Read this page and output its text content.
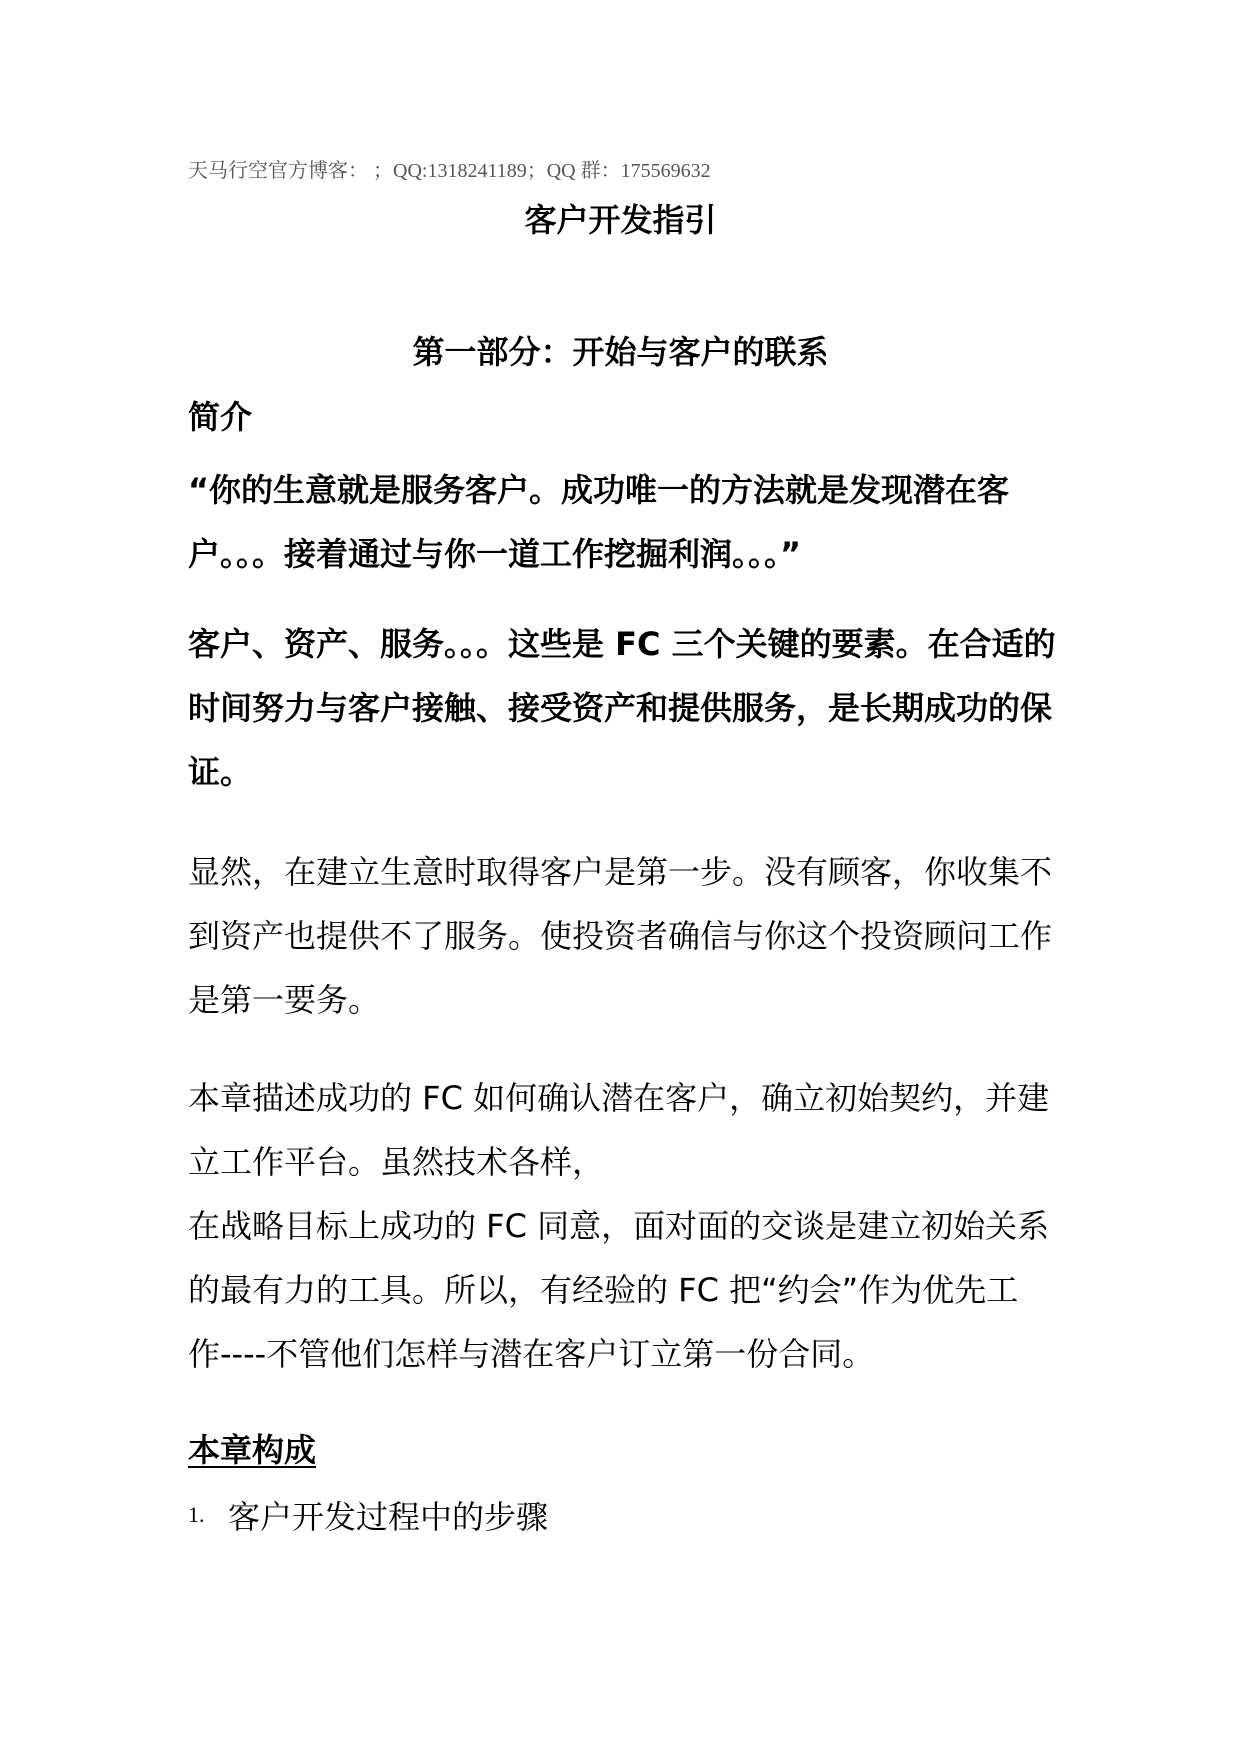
天马行空官方博客： ；QQ:1318241189；QQ 群：175569632
客户开发指引
第一部分：开始与客户的联系
简介
“你的生意就是服务客户。成功唯一的方法就是发现潜在客户。。。接着通过与你一道工作挖掘利润。。。”
客户、资产、服务。。。这些是 FC 三个关键的要素。在合适的时间努力与客户接触、接受资产和提供服务，是长期成功的保证。
显然，在建立生意时取得客户是第一步。没有顾客，你收集不到资产也提供不了服务。使投资者确信与你这个投资顾问工作是第一要务。

本章描述成功的 FC 如何确认潜在客户，确立初始契约，并建立工作平台。虽然技术各样，

在战略目标上成功的 FC 同意，面对面的交谈是建立初始关系的最有力的工具。所以，有经验的 FC 把“约会”作为优先工作----不管他们怎样与潜在客户订立第一份合同。

本章构成
1. 客户开发过程中的步骤
